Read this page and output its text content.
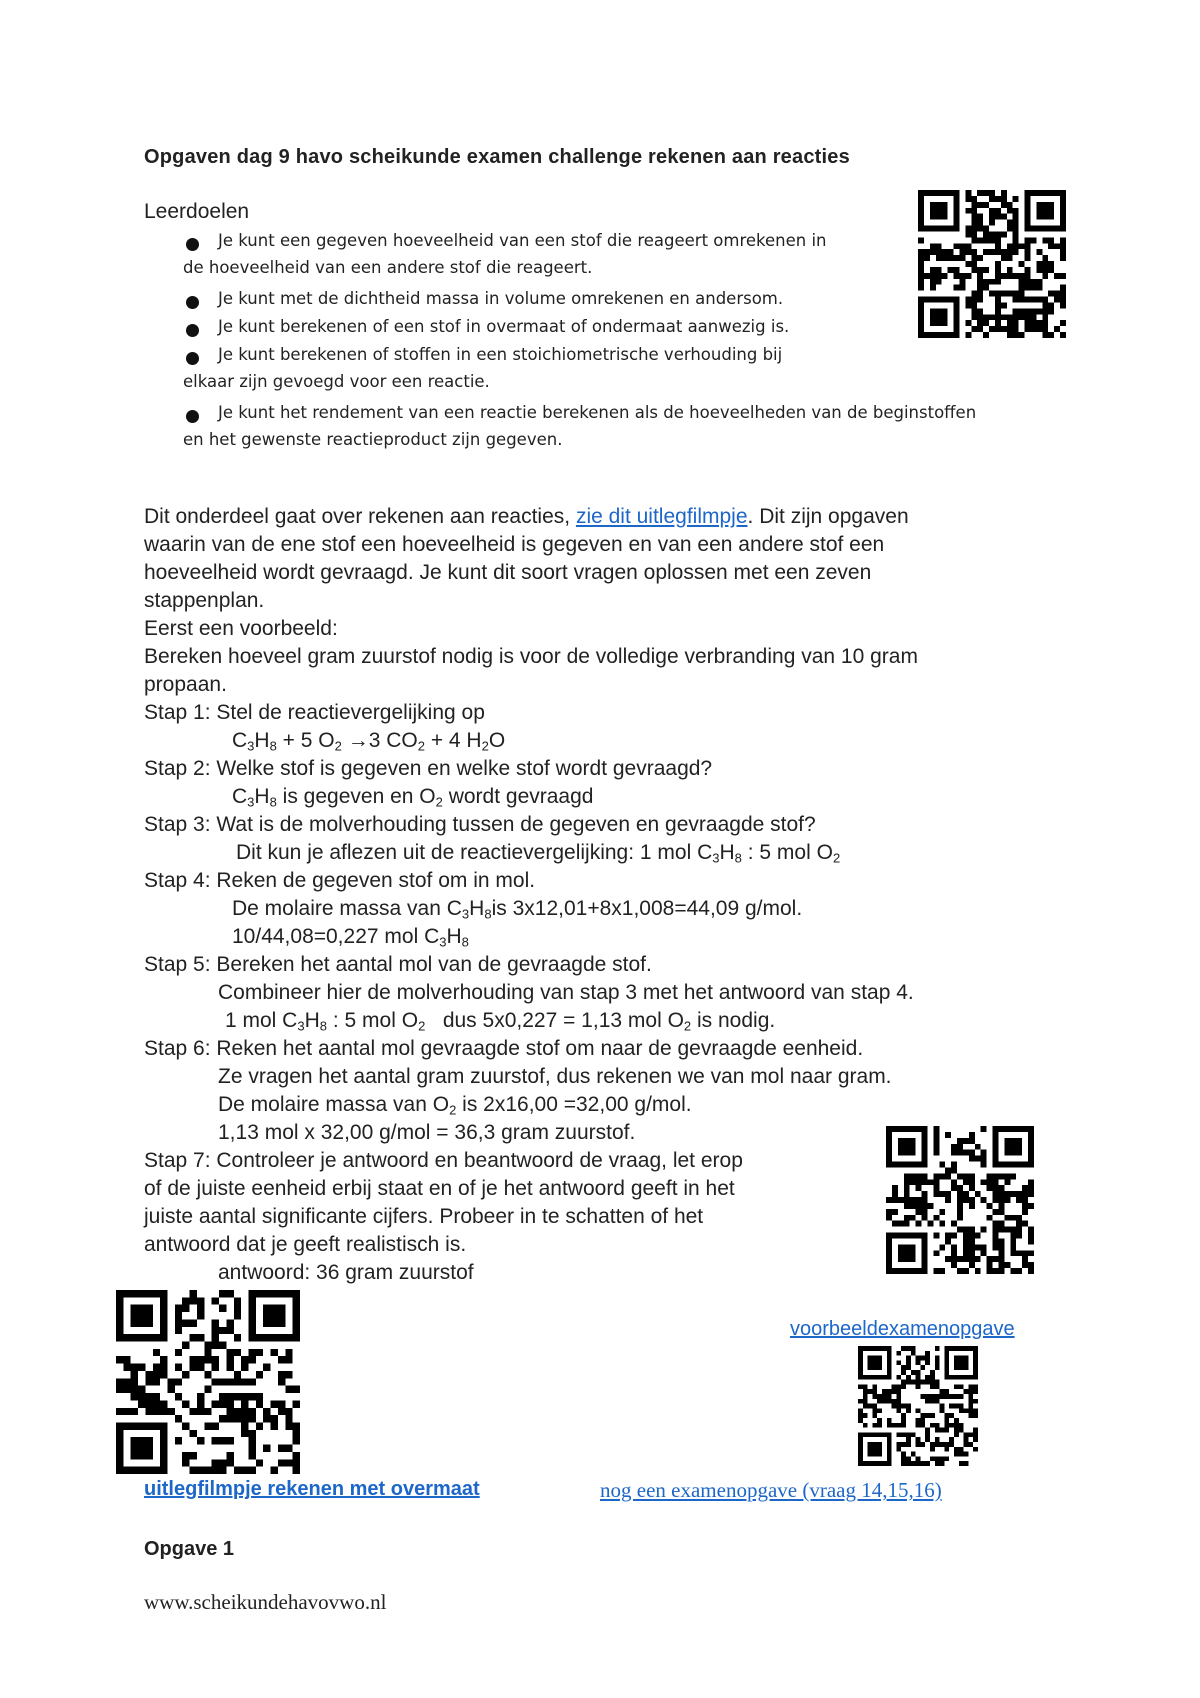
Opgaven dag 9 havo scheikunde examen challenge rekenen aan reacties
Leerdoelen
Je kunt een gegeven hoeveelheid van een stof die reageert omrekenen in
de hoeveelheid van een andere stof die reageert.
Je kunt met de dichtheid massa in volume omrekenen en andersom.
Je kunt berekenen of een stof in overmaat of ondermaat aanwezig is.
Je kunt berekenen of stoffen in een stoichiometrische verhouding bij
elkaar zijn gevoegd voor een reactie.
Je kunt het rendement van een reactie berekenen als de hoeveelheden van de beginstoffen
en het gewenste reactieproduct zijn gegeven.
Dit onderdeel gaat over rekenen aan reacties, zie dit uitlegfilmpje. Dit zijn opgaven
waarin van de ene stof een hoeveelheid is gegeven en van een andere stof een
hoeveelheid wordt gevraagd. Je kunt dit soort vragen oplossen met een zeven
stappenplan.
Eerst een voorbeeld:
Bereken hoeveel gram zuurstof nodig is voor de volledige verbranding van 10 gram
propaan.
Stap 1: Stel de reactievergelijking op
$C_3H_8 + 5$ $O_2 \to 3$ $CO_2 + 4$ $H_2O$
Stap 2: Welke stof is gegeven en welke stof wordt gevraagd?
$C_3H_8$ is gegeven en $O_2$ wordt gevraagd
Stap 3: Wat is de molverhouding tussen de gegeven en gevraagde stof?
Dit kun je aflezen uit de reactievergelijking: 1 mol $C_3H_8$ : 5 mol $O_2$
Stap 4: Reken de gegeven stof om in mol.
De molaire massa van $C_3H_8is$ 3x12,01+8x1,008=44,09 g/mol.
10/44,08=0,227 mol $C_3H_8$
Stap 5: Bereken het aantal mol van de gevraagde stof.
Combineer hier de molverhouding van stap 3 met het antwoord van stap 4.
1 mol $C_3H_8$ : 5 mol $O_2$ dus 5x0,227 = 1,13 mol $O_2$ is nodig.
Stap 6: Reken het aantal mol gevraagde stof om naar de gevraagde eenheid.
Ze vragen het aantal gram zuurstof, dus rekenen we van mol naar gram.
De molaire massa van $O_2$ is 2x16,00 =32,00 g/mol.
1,13 mol x 32,00 g/mol = 36,3 gram zuurstof.
Stap 7: Controleer je antwoord en beantwoord de vraag, let erop
of de juiste eenheid erbij staat en of je het antwoord geeft in het
juiste aantal significante cijfers. Probeer in te schatten of het
antwoord dat je geeft realistisch is.
antwoord: 36 gram zuurstof
voorbeeldexamenopgave
uitlegfilmpje rekenen met overmaat	nog een examenopgave (vraag 14,15,16)
Opgave 1
www.scheikundehavovwo.nl
